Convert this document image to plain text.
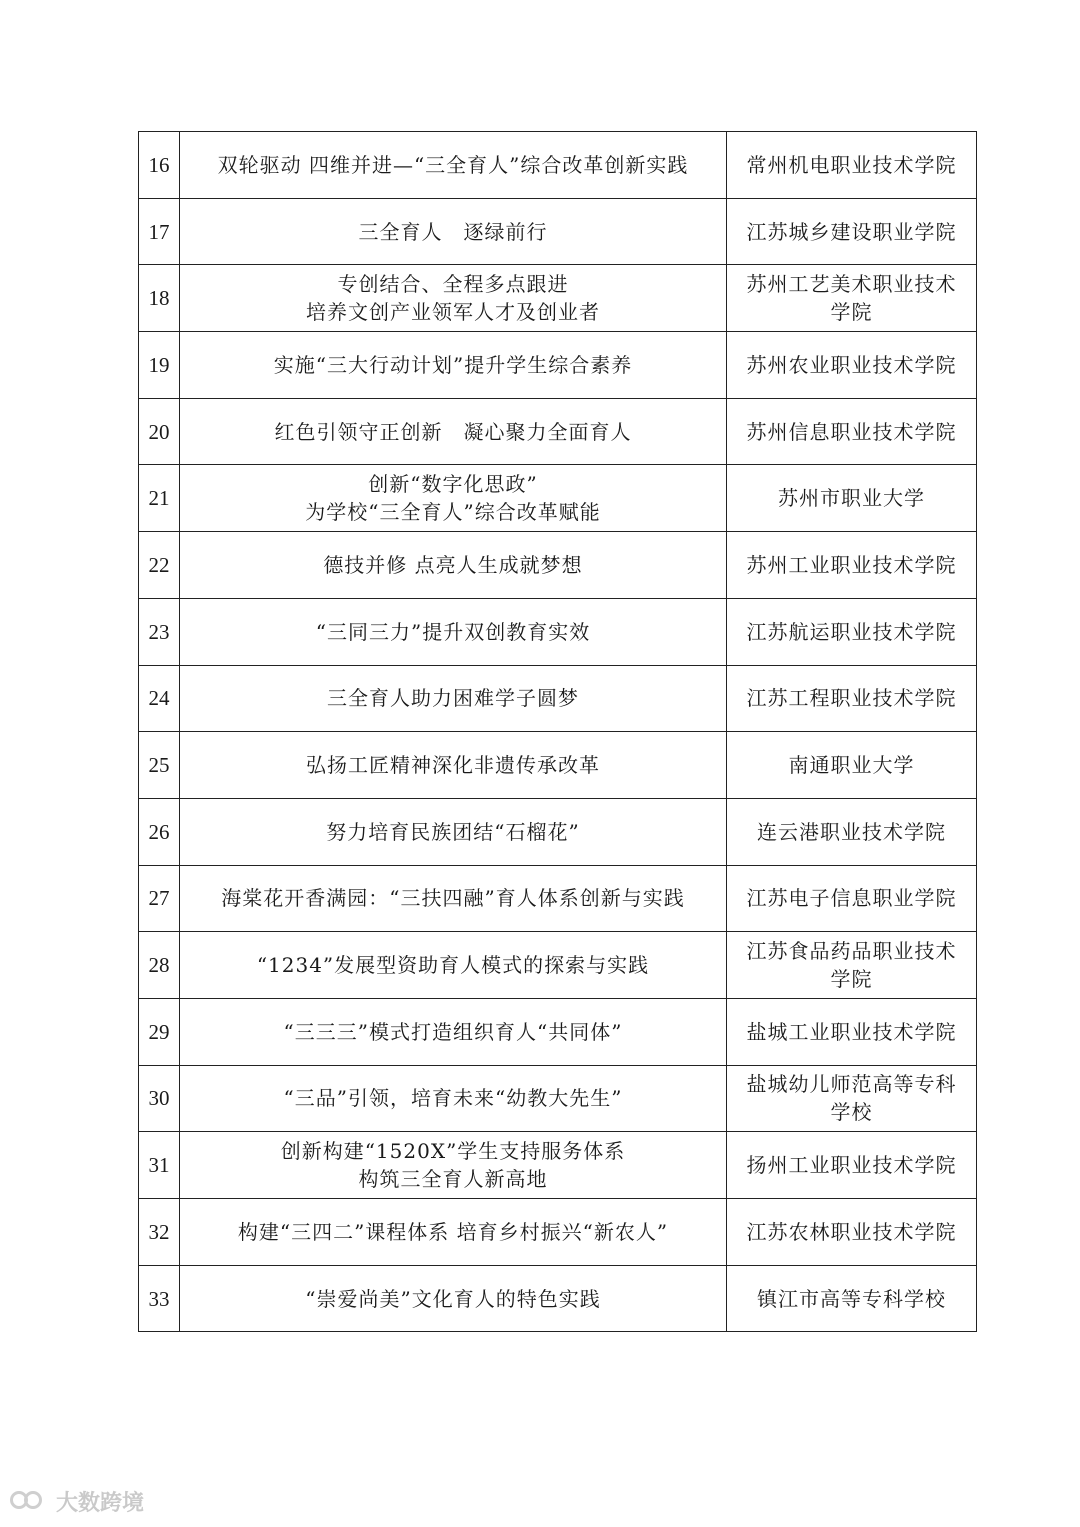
16	双轮驱动 四维并进—“三全育人”综合改革创新实践	常州机电职业技术学院
17	三全育人　逐绿前行	江苏城乡建设职业学院
18	专创结合、全程多点跟进
培养文创产业领军人才及创业者	苏州工艺美术职业技术
学院
19	实施“三大行动计划”提升学生综合素养	苏州农业职业技术学院
20	红色引领守正创新　凝心聚力全面育人	苏州信息职业技术学院
21	创新“数字化思政”
为学校“三全育人”综合改革赋能	苏州市职业大学
22	德技并修 点亮人生成就梦想	苏州工业职业技术学院
23	“三同三力”提升双创教育实效	江苏航运职业技术学院
24	三全育人助力困难学子圆梦	江苏工程职业技术学院
25	弘扬工匠精神深化非遗传承改革	南通职业大学
26	努力培育民族团结“石榴花”	连云港职业技术学院
27	海棠花开香满园：“三扶四融”育人体系创新与实践	江苏电子信息职业学院
28	“1234”发展型资助育人模式的探索与实践	江苏食品药品职业技术
学院
29	“三三三”模式打造组织育人“共同体”	盐城工业职业技术学院
30	“三品”引领，培育未来“幼教大先生”	盐城幼儿师范高等专科
学校
31	创新构建“1520X”学生支持服务体系
构筑三全育人新高地	扬州工业职业技术学院
32	构建“三四二”课程体系 培育乡村振兴“新农人”	江苏农林职业技术学院
33	“崇爱尚美”文化育人的特色实践	镇江市高等专科学校
大数跨境
